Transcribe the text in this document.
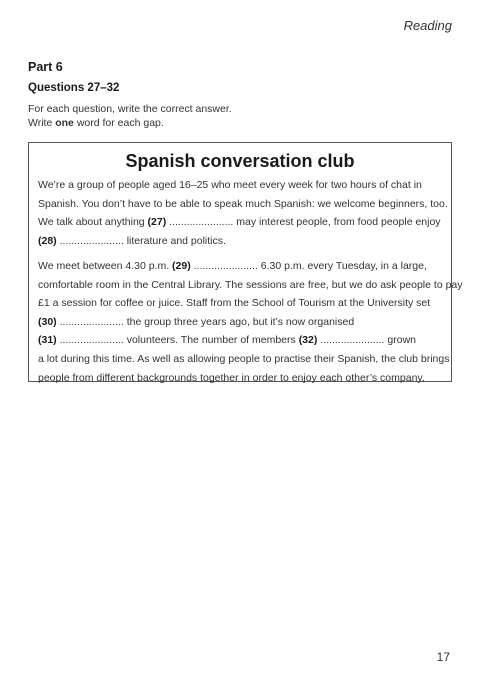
Reading
Part 6
Questions 27–32
For each question, write the correct answer.
Write one word for each gap.
Spanish conversation club
We’re a group of people aged 16–25 who meet every week for two hours of chat in
Spanish. You don’t have to be able to speak much Spanish: we welcome beginners, too.
We talk about anything (27) ...................... may interest people, from food people enjoy
(28) ...................... literature and politics.
We meet between 4.30 p.m. (29) ...................... 6.30 p.m. every Tuesday, in a large,
comfortable room in the Central Library. The sessions are free, but we do ask people to pay
£1 a session for coffee or juice. Staff from the School of Tourism at the University set
(30) ...................... the group three years ago, but it’s now organised
(31) ...................... volunteers. The number of members (32) ...................... grown
a lot during this time. As well as allowing people to practise their Spanish, the club brings
people from different backgrounds together in order to enjoy each other’s company.
17
